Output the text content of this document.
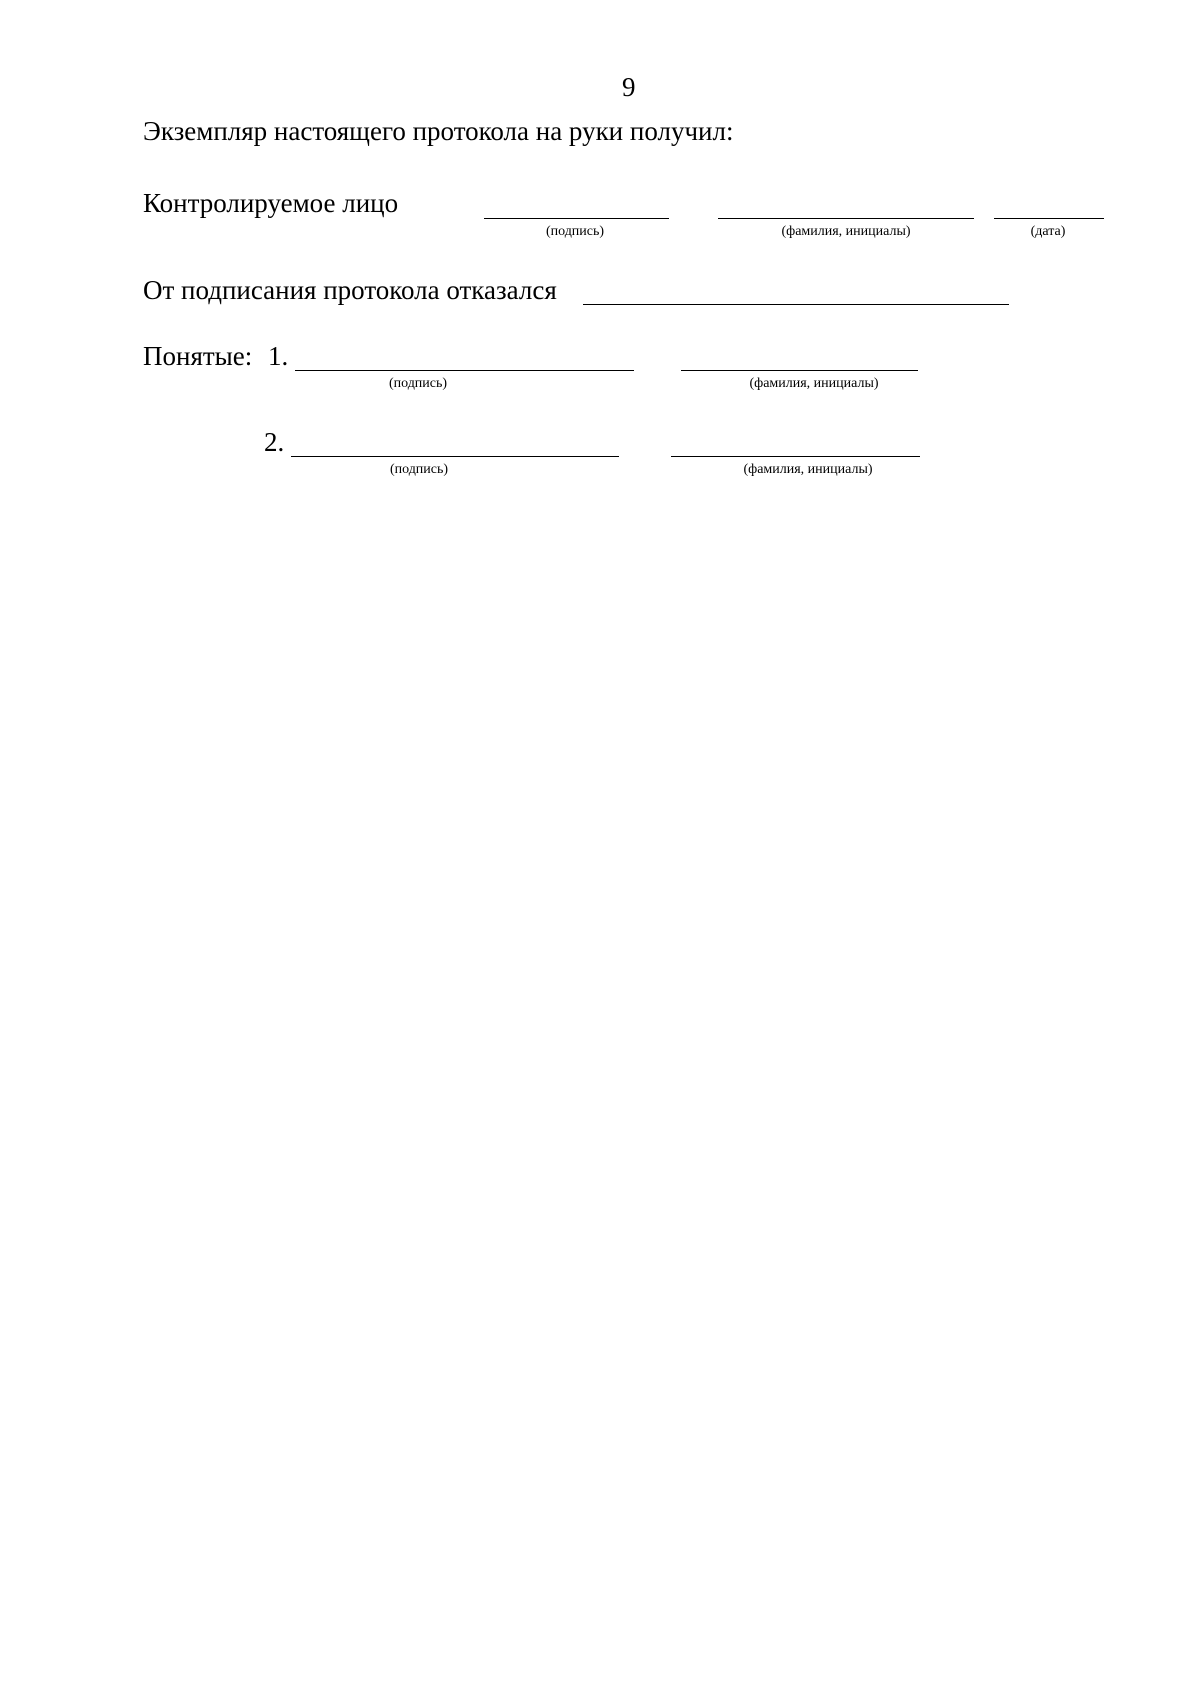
9
Экземпляр настоящего протокола на руки получил:
Контролируемое лицо
(подпись)	(фамилия, инициалы)	(дата)
От подписания протокола отказался
Понятые: 1.
(подпись)	(фамилия, инициалы)
2.
(подпись)	(фамилия, инициалы)
